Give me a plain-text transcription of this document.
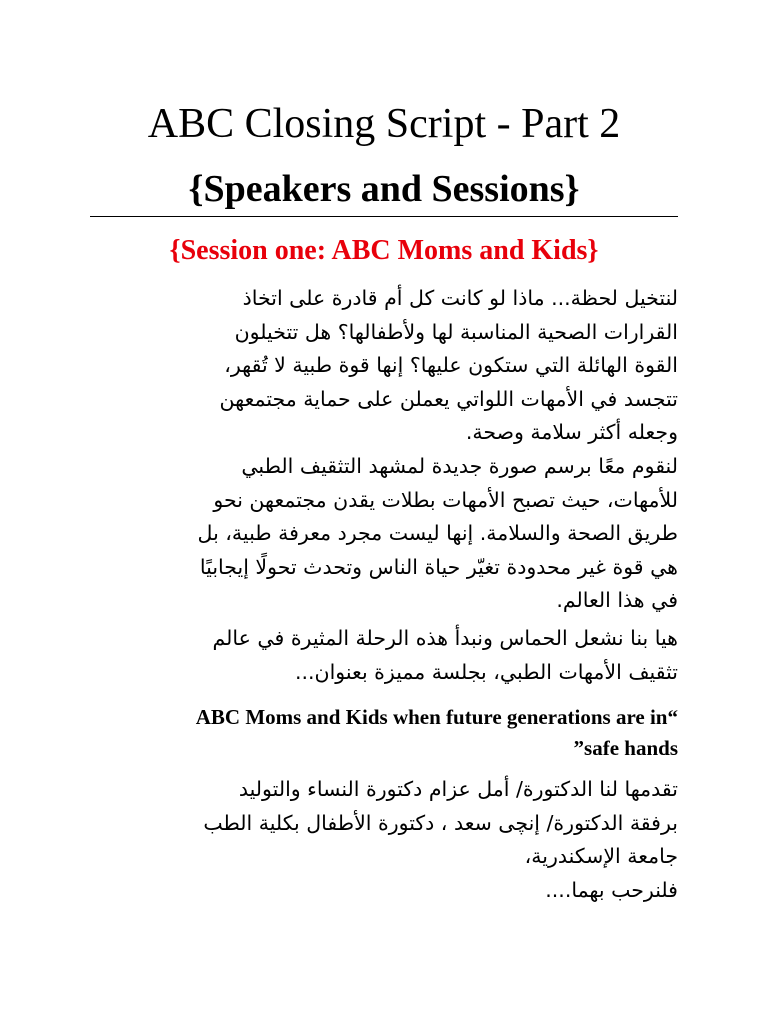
ABC Closing Script - Part 2
{Speakers and Sessions}
{Session one: ABC Moms and Kids}
لنتخيل لحظة... ماذا لو كانت كل أم قادرة على اتخاذ
القرارات الصحية المناسبة لها ولأطفالها؟ هل تتخيلون
القوة الهائلة التي ستكون عليها؟ إنها قوة طبية لا تُقهر،
تتجسد في الأمهات اللواتي يعملن على حماية مجتمعهن
وجعله أكثر سلامة وصحة.
لنقوم معًا برسم صورة جديدة لمشهد التثقيف الطبي
للأمهات، حيث تصبح الأمهات بطلات يقدن مجتمعهن نحو
طريق الصحة والسلامة. إنها ليست مجرد معرفة طبية، بل
هي قوة غير محدودة تغيّر حياة الناس وتحدث تحولًا إيجابيًا
في هذا العالم.
هيا بنا نشعل الحماس ونبدأ هذه الرحلة المثيرة في عالم
تثقيف الأمهات الطبي، بجلسة مميزة بعنوان...
ABC Moms and Kids when future generations are in“
”safe hands
تقدمها لنا الدكتورة/ أمل عزام دكتورة النساء والتوليد
برفقة الدكتورة/ إنچى سعد ، دكتورة الأطفال بكلية الطب
جامعة الإسكندرية،
فلنرحب بهما....
